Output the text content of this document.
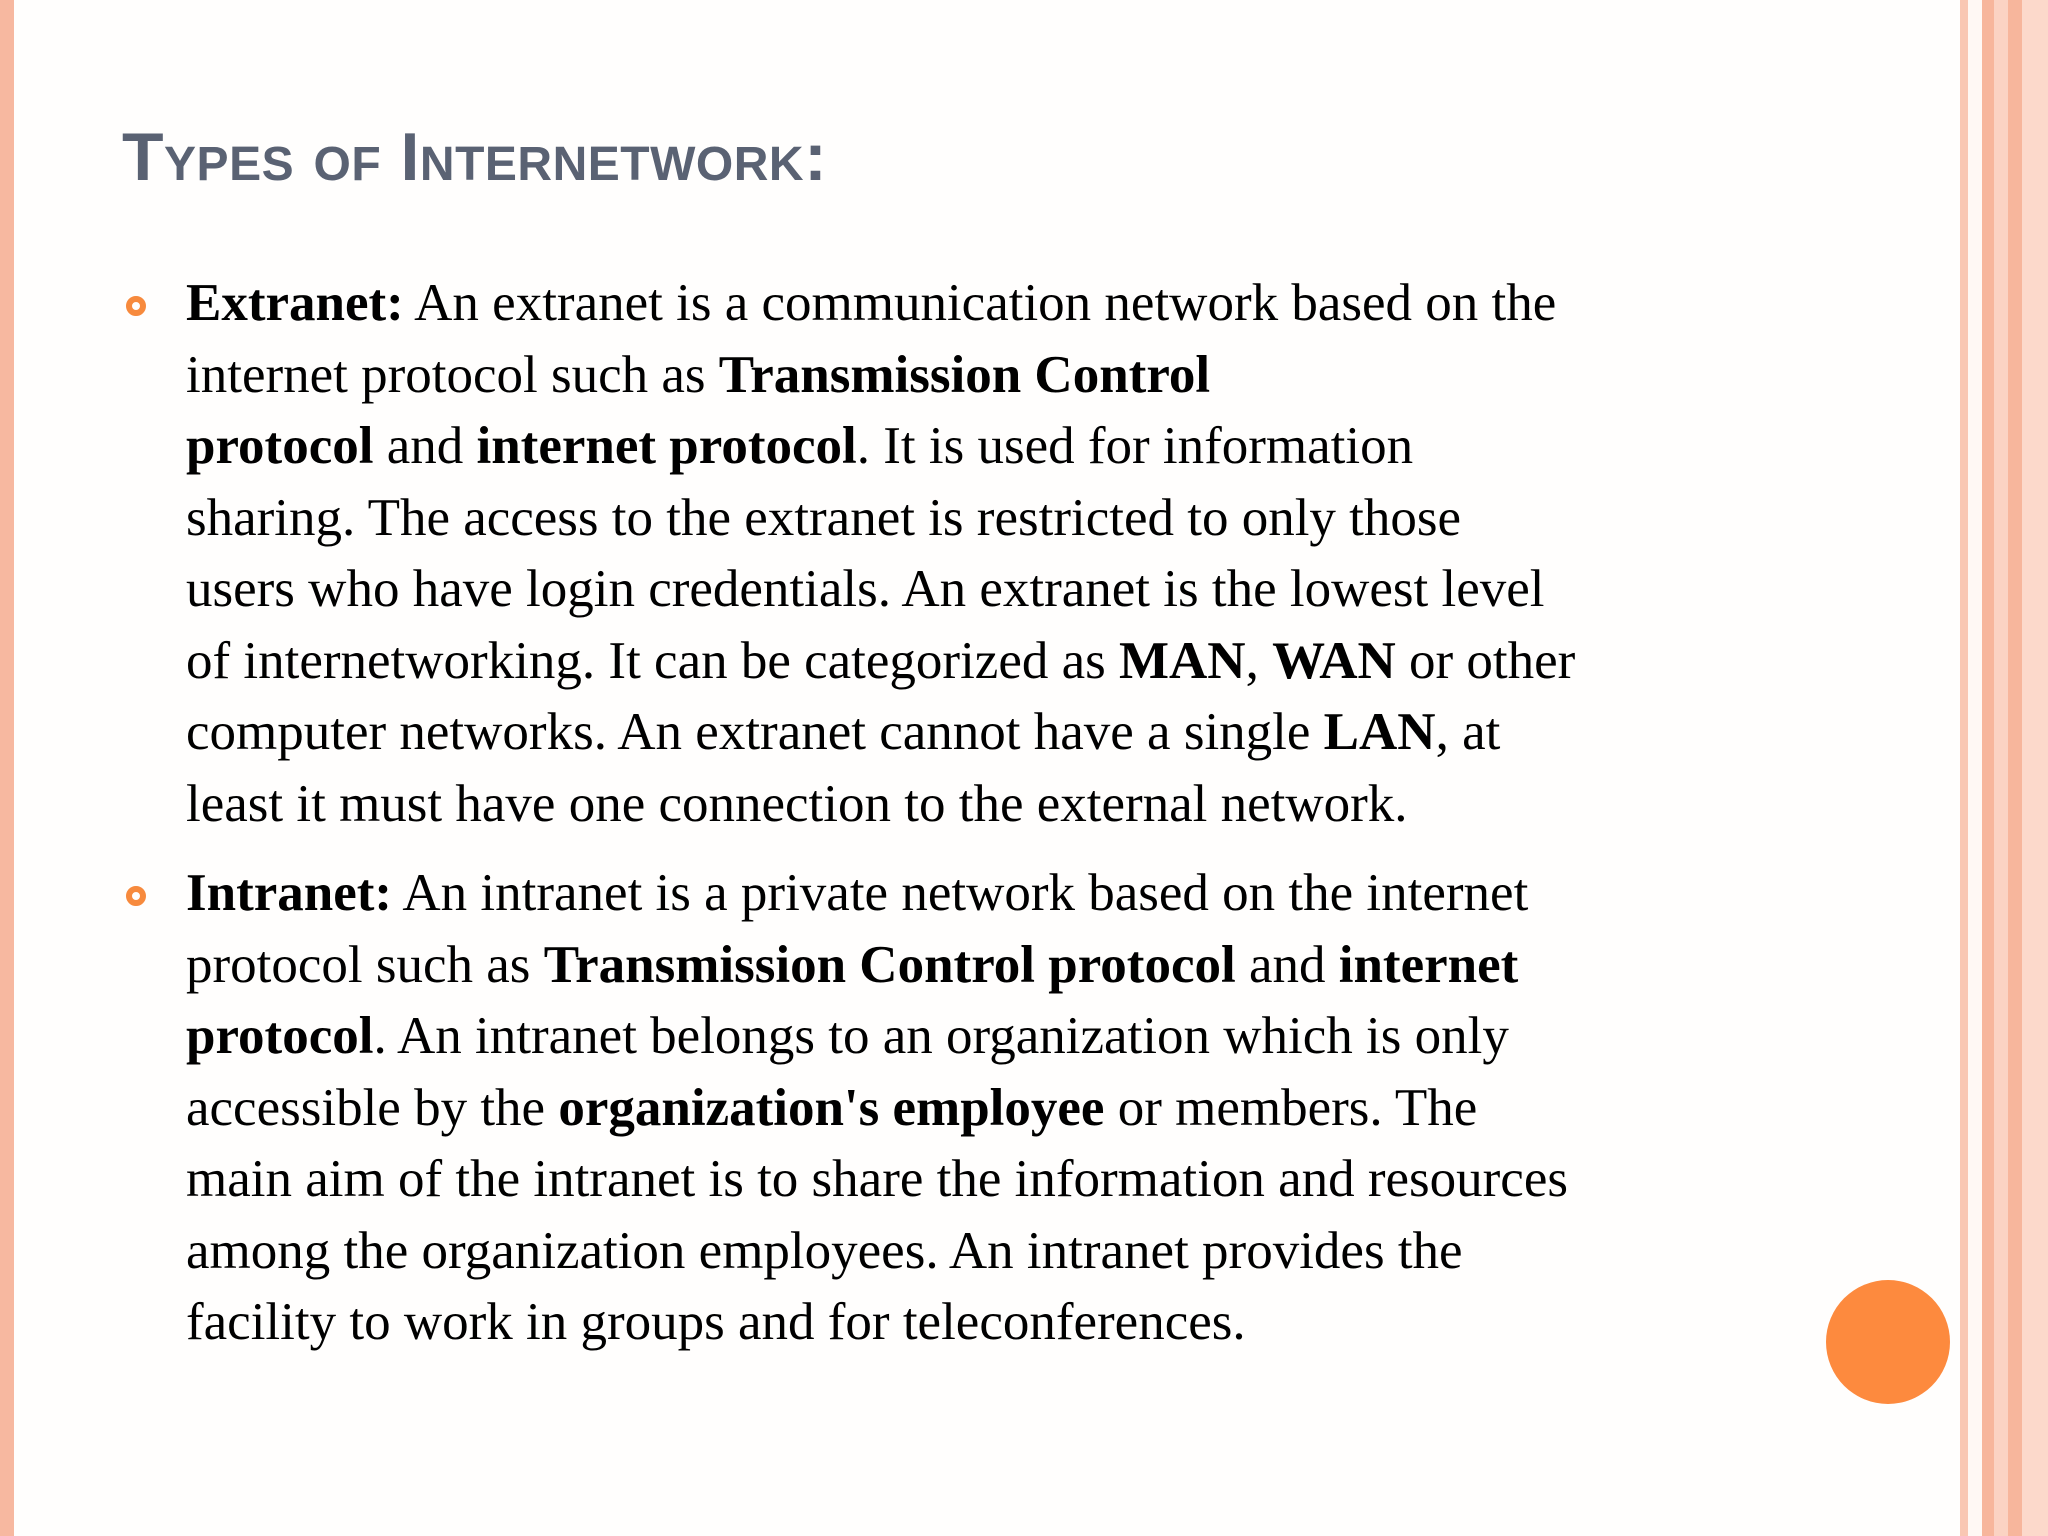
Types of Internetwork:

Extranet: An extranet is a communication network based on the
internet protocol such as Transmission Control
protocol and internet protocol. It is used for information
sharing. The access to the extranet is restricted to only those
users who have login credentials. An extranet is the lowest level
of internetworking. It can be categorized as MAN, WAN or other
computer networks. An extranet cannot have a single LAN, at
least it must have one connection to the external network.

Intranet: An intranet is a private network based on the internet
protocol such as Transmission Control protocol and internet
protocol. An intranet belongs to an organization which is only
accessible by the organization's employee or members. The
main aim of the intranet is to share the information and resources
among the organization employees. An intranet provides the
facility to work in groups and for teleconferences.
